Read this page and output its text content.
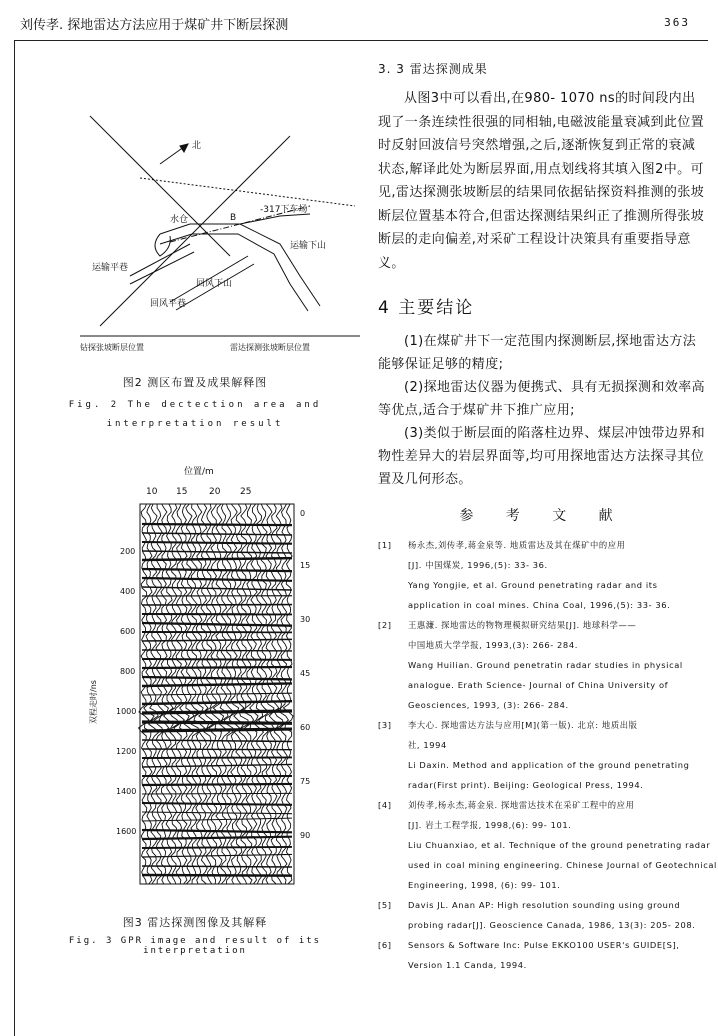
刘传孝. 探地雷达方法应用于煤矿井下断层探测	363
北
水仓
-317下车场
运输下山
运输平巷
回风下山
回风平巷
B
钻探张坡断层位置	雷达探测张坡断层位置
图2 测区布置及成果解释图
Fig. 2 The dectection area and
interpretation result
位置/m
10 15 20 25
双程走时/ns
200
400
600
800
1000
1200
1400
1600
0
15
30
45
60
75
90
图3 雷达探测图像及其解释
Fig. 3 GPR image and result of its interpretation
3. 3 雷达探测成果

从图3中可以看出,在980- 1070 ns的时间段内出现了一条连续性很强的同相轴,电磁波能量衰减到此位置时反射回波信号突然增强,之后,逐渐恢复到正常的衰减状态,解译此处为断层界面,用点划线将其填入图2中。可见,雷达探测张坡断层的结果同依据钻探资料推测的张坡断层位置基本符合,但雷达探测结果纠正了推测所得张坡断层的走向偏差,对采矿工程设计决策具有重要指导意义。

4 主要结论

(1)在煤矿井下一定范围内探测断层,探地雷达方法能够保证足够的精度;

(2)探地雷达仪器为便携式、具有无损探测和效率高等优点,适合于煤矿井下推广应用;

(3)类似于断层面的陷落柱边界、煤层冲蚀带边界和物性差异大的岩层界面等,均可用探地雷达方法探寻其位置及几何形态。

参 考 文 献
[1]	杨永杰,刘传孝,蒋金泉等. 地质雷达及其在煤矿中的应用
[J]. 中国煤炭, 1996,(5): 33- 36.
Yang Yongjie, et al. Ground penetrating radar and its
application in coal mines. China Coal, 1996,(5): 33- 36.
[2]	王惠濂. 探地雷达的物物理模拟研究结果[J]. 地球科学——
中国地质大学学报, 1993,(3): 266- 284.
Wang Huilian. Ground penetratin radar studies in physical
analogue. Erath Science- Journal of China University of
Geosciences, 1993, (3): 266- 284.
[3]	李大心. 探地雷达方法与应用[M](第一版). 北京: 地质出版
社, 1994
Li Daxin. Method and application of the ground penetrating
radar(First print). Beijing: Geological Press, 1994.
[4]	刘传孝,杨永杰,蒋金泉. 探地雷达技术在采矿工程中的应用
[J]. 岩土工程学报, 1998,(6): 99- 101.
Liu Chuanxiao, et al. Technique of the ground penetrating radar
used in coal mining engineering. Chinese Journal of Geotechnical
Engineering, 1998, (6): 99- 101.
[5]	Davis JL. Anan AP: High resolution sounding using ground
probing radar[J]. Geoscience Canada, 1986, 13(3): 205- 208.
[6]	Sensors & Software Inc: Pulse EKKO100 USER's GUIDE[S],
Version 1.1 Canda, 1994.
